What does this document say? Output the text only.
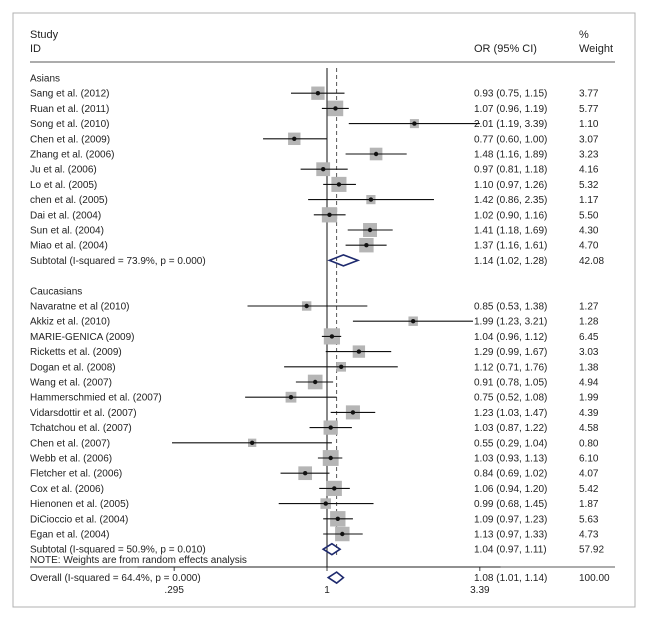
Study
ID	OR (95% CI)
%
Weight
.295	1	3.39
Asians
Sang et al. (2012)	0.93 (0.75, 1.15)	3.77
Ruan et al. (2011)	1.07 (0.96, 1.19)	5.77
Song et al. (2010)	2.01 (1.19, 3.39)	1.10
Chen et al. (2009)	0.77 (0.60, 1.00)	3.07
Zhang et al. (2006)	1.48 (1.16, 1.89)	3.23
Ju et al. (2006)	0.97 (0.81, 1.18)	4.16
Lo et al. (2005)	1.10 (0.97, 1.26)	5.32
chen et al. (2005)	1.42 (0.86, 2.35)	1.17
Dai et al. (2004)	1.02 (0.90, 1.16)	5.50
Sun et al. (2004)	1.41 (1.18, 1.69)	4.30
Miao et al. (2004)	1.37 (1.16, 1.61)	4.70
Subtotal (I-squared = 73.9%, p = 0.000)	1.14 (1.02, 1.28)	42.08
Caucasians
Navaratne et al (2010)	0.85 (0.53, 1.38)	1.27
Akkiz et al. (2010)	1.99 (1.23, 3.21)	1.28
MARIE-GENICA (2009)	1.04 (0.96, 1.12)	6.45
Ricketts et al. (2009)	1.29 (0.99, 1.67)	3.03
Dogan et al. (2008)	1.12 (0.71, 1.76)	1.38
Wang et al. (2007)	0.91 (0.78, 1.05)	4.94
Hammerschmied et al. (2007)	0.75 (0.52, 1.08)	1.99
Vidarsdottir et al. (2007)	1.23 (1.03, 1.47)	4.39
Tchatchou et al. (2007)	1.03 (0.87, 1.22)	4.58
Chen et al. (2007)	0.55 (0.29, 1.04)	0.80
Webb et al. (2006)	1.03 (0.93, 1.13)	6.10
Fletcher et al. (2006)	0.84 (0.69, 1.02)	4.07
Cox et al. (2006)	1.06 (0.94, 1.20)	5.42
Hienonen et al. (2005)	0.99 (0.68, 1.45)	1.87
DiCioccio et al. (2004)	1.09 (0.97, 1.23)	5.63
Egan et al. (2004)	1.13 (0.97, 1.33)	4.73
Subtotal (I-squared = 50.9%, p = 0.010)	1.04 (0.97, 1.11)	57.92
Overall (I-squared = 64.4%, p = 0.000)	1.08 (1.01, 1.14)	100.00
NOTE: Weights are from random effects analysis
